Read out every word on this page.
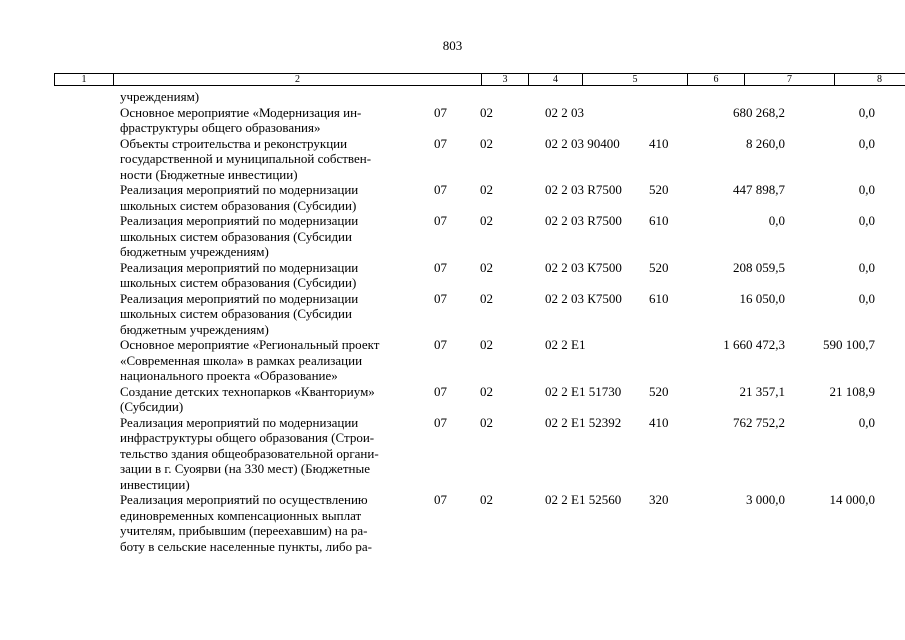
803
1	2	3	4	5	6	7	8
учреждениям)
Основное мероприятие «Модернизация ин-
фраструктуры общего образования»
07	02	02 2 03	680 268,2	0,0
Объекты строительства и реконструкции
государственной и муниципальной собствен-
ности (Бюджетные инвестиции)
07	02	02 2 03 90400 410	8 260,0	0,0
Реализация мероприятий по модернизации
школьных систем образования (Субсидии)
07	02	02 2 03 R7500 520	447 898,7	0,0
Реализация мероприятий по модернизации
школьных систем образования (Субсидии
бюджетным учреждениям)
07	02	02 2 03 R7500 610	0,0	0,0
Реализация мероприятий по модернизации
школьных систем образования (Субсидии)
07	02	02 2 03 К7500 520	208 059,5	0,0
Реализация мероприятий по модернизации
школьных систем образования (Субсидии
бюджетным учреждениям)
07	02	02 2 03 К7500 610	16 050,0	0,0
Основное мероприятие «Региональный проект
«Современная школа» в рамках реализации
национального проекта «Образование»
07	02	02 2 E1	1 660 472,3	590 100,7
Создание детских технопарков «Кванториум»
(Субсидии)
07	02	02 2 E1 51730 520	21 357,1	21 108,9
Реализация мероприятий по модернизации
инфраструктуры общего образования (Строи-
тельство здания общеобразовательной органи-
зации в г. Суоярви (на 330 мест) (Бюджетные
инвестиции)
07	02	02 2 E1 52392 410	762 752,2	0,0
Реализация мероприятий по осуществлению
единовременных компенсационных выплат
учителям, прибывшим (переехавшим) на ра-
боту в сельские населенные пункты, либо ра-
07	02	02 2 E1 52560 320	3 000,0	14 000,0
